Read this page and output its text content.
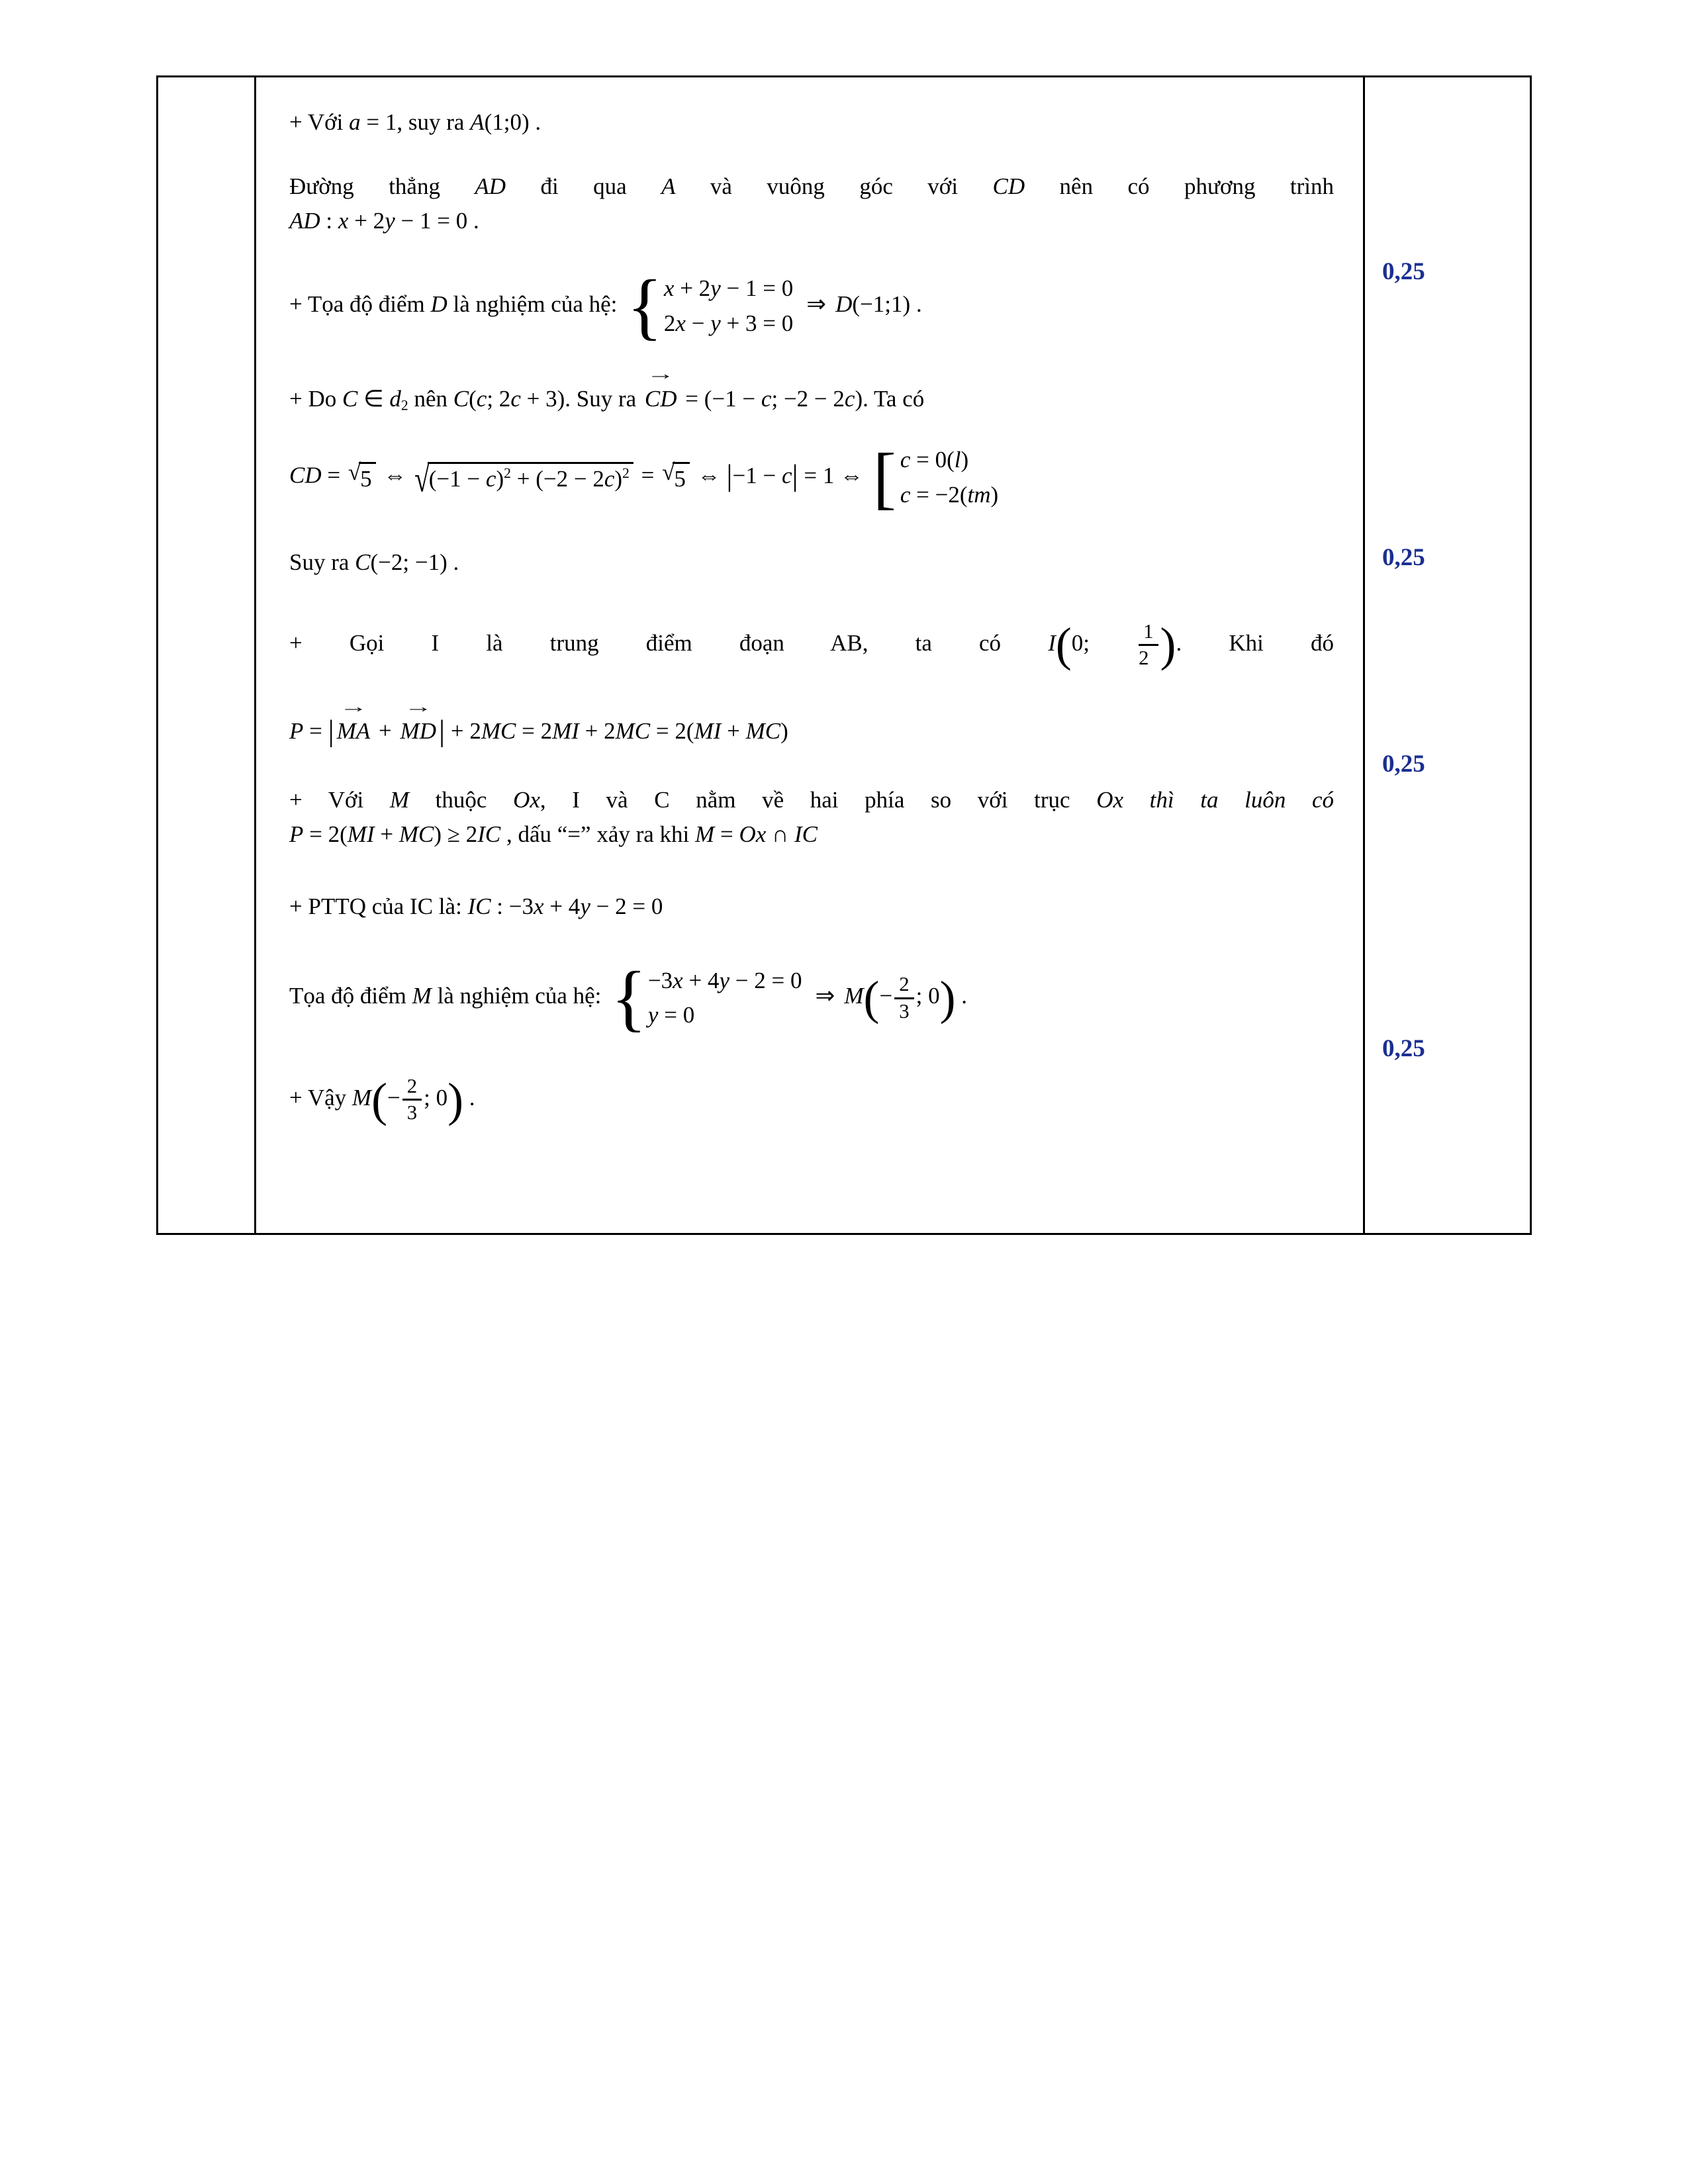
+ Với a = 1, suy ra A(1;0) .
Đường thẳng AD đi qua A và vuông góc với CD nên có phương trình
AD : x + 2y − 1 = 0 .
+ Tọa độ điểm D là nghiệm của hệ: { x + 2y − 1 = 0
2x − y + 3 = 0
⇒ D(−1;1) .
+ Do C ∈ d2 nên C(c; 2c + 3). Suy ra
→
CD = (−1 − c; −2 − 2c). Ta có
CD = √ 5 ⇔ √ $(-1 - c)^2 + (-2 - 2c)^2$ = √ 5 ⇔ |−1 − c| = 1 ⇔ [ c = 0(l)
c = −2(tm)
Suy ra C(−2; −1) .
+ Gọi I là trung điểm đoạn AB, ta có I(0; $\frac{1}{2}$ ). Khi đó
P = |
→
MA +
→
MD| + 2MC = 2MI + 2MC = 2(MI + MC)
+ Với M thuộc Ox, I và C nằm về hai phía so với trục Ox thì ta luôn có
P = 2(MI + MC) ≥ 2IC , dấu “=” xảy ra khi M = Ox ∩ IC
+ PTTQ của IC là: IC : −3x + 4y − 2 = 0
Tọa độ điểm M là nghiệm của hệ: { −3x + 4y − 2 = 0
y = 0
⇒ $M(- \frac{2}{3}$ ; 0) .
+ Vậy $M(- \frac{2}{3}$ ; 0) .
0,25
0,25
0,25
0,25
